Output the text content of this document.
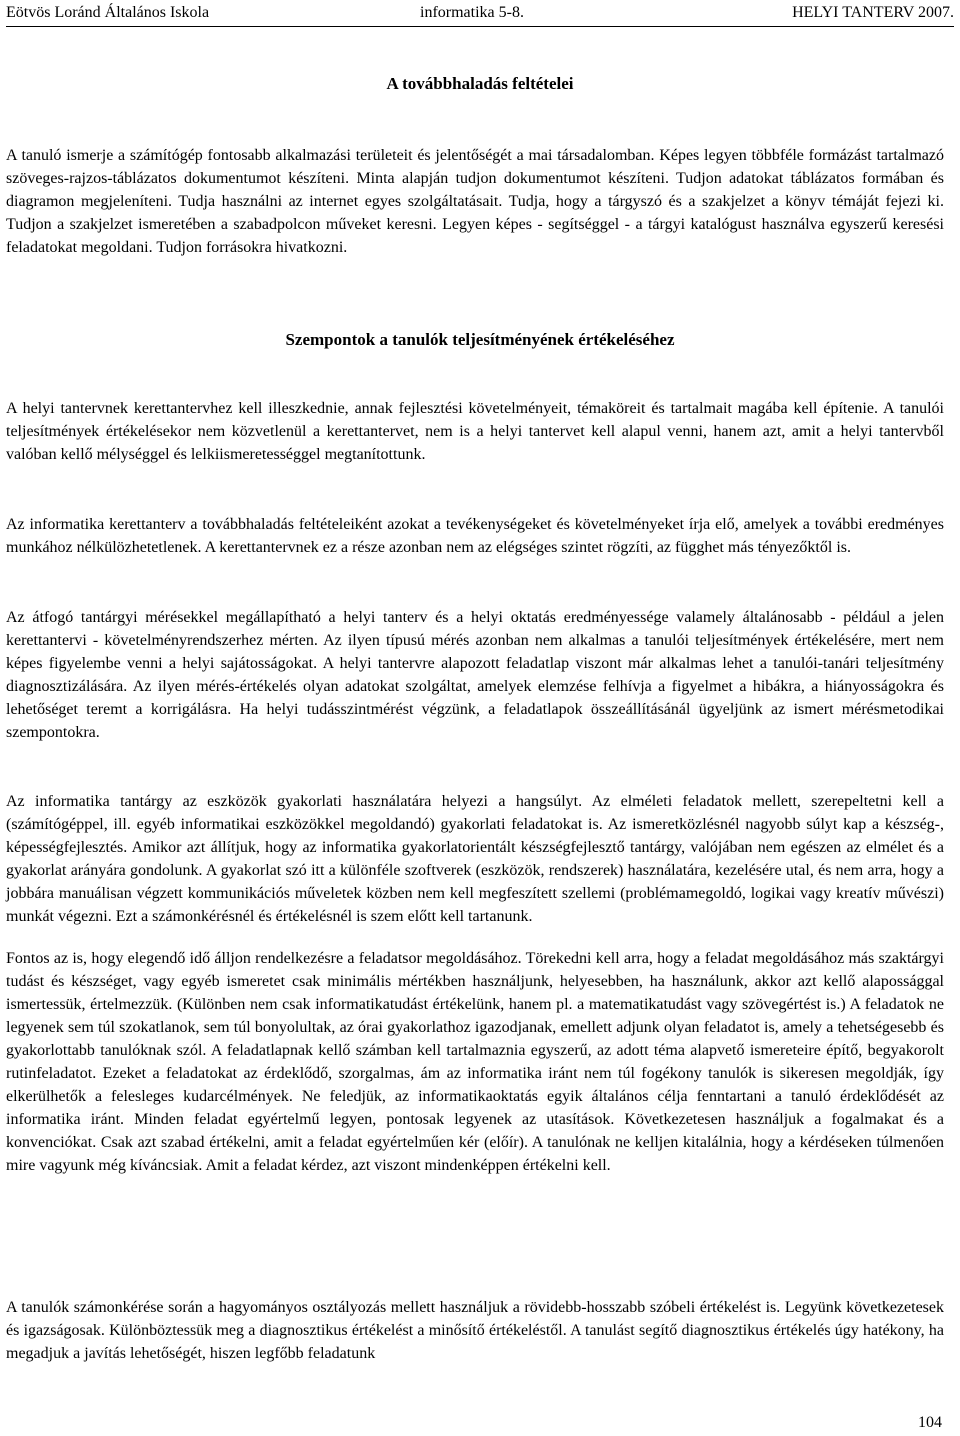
Eötvös Loránd Általános Iskola	informatika 5-8.	HELYI TANTERV 2007.
A továbbhaladás feltételei

A tanuló ismerje a számítógép fontosabb alkalmazási területeit és jelentőségét a mai társadalomban. Képes legyen többféle formázást tartalmazó szöveges-rajzos-táblázatos dokumentumot készíteni. Minta alapján tudjon dokumentumot készíteni. Tudjon adatokat táblázatos formában és diagramon megjeleníteni. Tudja használni az internet egyes szolgáltatásait. Tudja, hogy a tárgyszó és a szakjelzet a könyv témáját fejezi ki. Tudjon a szakjelzet ismeretében a szabadpolcon műveket keresni. Legyen képes - segítséggel - a tárgyi katalógust használva egyszerű keresési feladatokat megoldani. Tudjon forrásokra hivatkozni.

Szempontok a tanulók teljesítményének értékeléséhez

A helyi tantervnek kerettantervhez kell illeszkednie, annak fejlesztési követelményeit, témaköreit és tartalmait magába kell építenie. A tanulói teljesítmények értékelésekor nem közvetlenül a kerettantervet, nem is a helyi tantervet kell alapul venni, hanem azt, amit a helyi tantervből valóban kellő mélységgel és lelkiismeretességgel megtanítottunk.

Az informatika kerettanterv a továbbhaladás feltételeiként azokat a tevékenységeket és követelményeket írja elő, amelyek a további eredményes munkához nélkülözhetetlenek. A kerettantervnek ez a része azonban nem az elégséges szintet rögzíti, az függhet más tényezőktől is.

Az átfogó tantárgyi mérésekkel megállapítható a helyi tanterv és a helyi oktatás eredményessége valamely általánosabb - például a jelen kerettantervi - követelményrendszerhez mérten. Az ilyen típusú mérés azonban nem alkalmas a tanulói teljesítmények értékelésére, mert nem képes figyelembe venni a helyi sajátosságokat. A helyi tantervre alapozott feladatlap viszont már alkalmas lehet a tanulói-tanári teljesítmény diagnosztizálására. Az ilyen mérés-értékelés olyan adatokat szolgáltat, amelyek elemzése felhívja a figyelmet a hibákra, a hiányosságokra és lehetőséget teremt a korrigálásra. Ha helyi tudásszintmérést végzünk, a feladatlapok összeállításánál ügyeljünk az ismert mérésmetodikai szempontokra.

Az informatika tantárgy az eszközök gyakorlati használatára helyezi a hangsúlyt. Az elméleti feladatok mellett, szerepeltetni kell a (számítógéppel, ill. egyéb informatikai eszközökkel megoldandó) gyakorlati feladatokat is. Az ismeretközlésnél nagyobb súlyt kap a készség-, képességfejlesztés. Amikor azt állítjuk, hogy az informatika gyakorlatorientált készségfejlesztő tantárgy, valójában nem egészen az elmélet és a gyakorlat arányára gondolunk. A gyakorlat szó itt a különféle szoftverek (eszközök, rendszerek) használatára, kezelésére utal, és nem arra, hogy a jobbára manuálisan végzett kommunikációs műveletek közben nem kell megfeszített szellemi (problémamegoldó, logikai vagy kreatív művészi) munkát végezni. Ezt a számonkérésnél és értékelésnél is szem előtt kell tartanunk.

Fontos az is, hogy elegendő idő álljon rendelkezésre a feladatsor megoldásához. Törekedni kell arra, hogy a feladat megoldásához más szaktárgyi tudást és készséget, vagy egyéb ismeretet csak minimális mértékben használjunk, helyesebben, ha használunk, akkor azt kellő alapossággal ismertessük, értelmezzük. (Különben nem csak informatikatudást értékelünk, hanem pl. a matematikatudást vagy szövegértést is.) A feladatok ne legyenek sem túl szokatlanok, sem túl bonyolultak, az órai gyakorlathoz igazodjanak, emellett adjunk olyan feladatot is, amely a tehetségesebb és gyakorlottabb tanulóknak szól. A feladatlapnak kellő számban kell tartalmaznia egyszerű, az adott téma alapvető ismereteire építő, begyakorolt rutinfeladatot. Ezeket a feladatokat az érdeklődő, szorgalmas, ám az informatika iránt nem túl fogékony tanulók is sikeresen megoldják, így elkerülhetők a felesleges kudarcélmények. Ne feledjük, az informatikaoktatás egyik általános célja fenntartani a tanuló érdeklődését az informatika iránt. Minden feladat egyértelmű legyen, pontosak legyenek az utasítások. Következetesen használjuk a fogalmakat és a konvenciókat. Csak azt szabad értékelni, amit a feladat egyértelműen kér (előír). A tanulónak ne kelljen kitalálnia, hogy a kérdéseken túlmenően mire vagyunk még kíváncsiak. Amit a feladat kérdez, azt viszont mindenképpen értékelni kell.

A tanulók számonkérése során a hagyományos osztályozás mellett használjuk a rövidebb-hosszabb szóbeli értékelést is. Legyünk következetesek és igazságosak. Különböztessük meg a diagnosztikus értékelést a minősítő értékeléstől. A tanulást segítő diagnosztikus értékelés úgy hatékony, ha megadjuk a javítás lehetőségét, hiszen legfőbb feladatunk

104
